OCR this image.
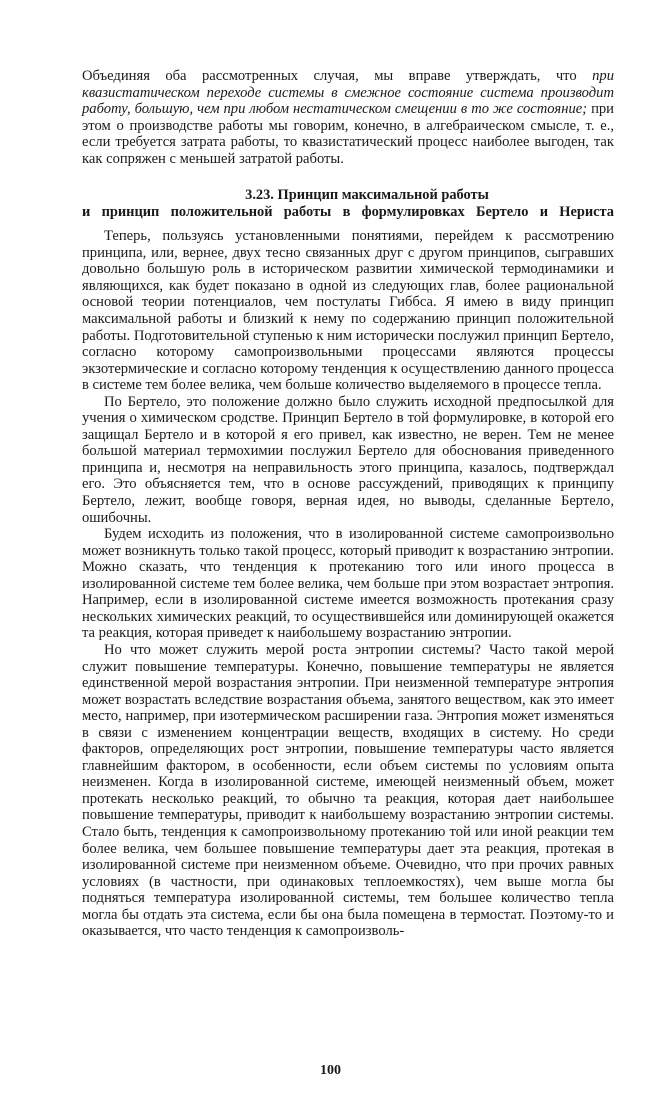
Объединяя оба рассмотренных случая, мы вправе утверждать, что при квазистатическом переходе системы в смежное состояние система производит работу, большую, чем при любом нестатическом смещении в то же состояние; при этом о производстве работы мы говорим, конечно, в алгебраическом смысле, т. е., если требуется затрата работы, то квазистатический процесс наиболее выгоден, так как сопряжен с меньшей затратой работы.

3.23. Принцип максимальной работы
и принцип положительной работы в формулировках Бертело и Нериста

Теперь, пользуясь установленными понятиями, перейдем к рассмотрению принципа, или, вернее, двух тесно связанных друг с другом принципов, сыгравших довольно большую роль в историческом развитии химической термодинамики и являющихся, как будет показано в одной из следующих глав, более рациональной основой теории потенциалов, чем постулаты Гиббса. Я имею в виду принцип максимальной работы и близкий к нему по содержанию принцип положительной работы. Подготовительной ступенью к ним исторически послужил принцип Бертело, согласно которому самопроизвольными процессами являются процессы экзотермические и согласно которому тенденция к осуществлению данного процесса в системе тем более велика, чем больше количество выделяемого в процессе тепла.

По Бертело, это положение должно было служить исходной предпосылкой для учения о химическом сродстве. Принцип Бертело в той формулировке, в которой его защищал Бертело и в которой я его привел, как известно, не верен. Тем не менее большой материал термохимии послужил Бертело для обоснования приведенного принципа и, несмотря на неправильность этого принципа, казалось, подтверждал его. Это объясняется тем, что в основе рассуждений, приводящих к принципу Бертело, лежит, вообще говоря, верная идея, но выводы, сделанные Бертело, ошибочны.

Будем исходить из положения, что в изолированной системе самопроизвольно может возникнуть только такой процесс, который приводит к возрастанию энтропии. Можно сказать, что тенденция к протеканию того или иного процесса в изолированной системе тем более велика, чем больше при этом возрастает энтропия. Например, если в изолированной системе имеется возможность протекания сразу нескольких химических реакций, то осуществившейся или доминирующей окажется та реакция, которая приведет к наибольшему возрастанию энтропии.

Но что может служить мерой роста энтропии системы? Часто такой мерой служит повышение температуры. Конечно, повышение температуры не является единственной мерой возрастания энтропии. При неизменной температуре энтропия может возрастать вследствие возрастания объема, занятого веществом, как это имеет место, например, при изотермическом расширении газа. Энтропия может изменяться в связи с изменением концентрации веществ, входящих в систему. Но среди факторов, определяющих рост энтропии, повышение температуры часто является главнейшим фактором, в особенности, если объем системы по условиям опыта неизменен. Когда в изолированной системе, имеющей неизменный объем, может протекать несколько реакций, то обычно та реакция, которая дает наибольшее повышение температуры, приводит к наибольшему возрастанию энтропии системы. Стало быть, тенденция к самопроизвольному протеканию той или иной реакции тем более велика, чем большее повышение температуры дает эта реакция, протекая в изолированной системе при неизменном объеме. Очевидно, что при прочих равных условиях (в частности, при одинаковых теплоемкостях), чем выше могла бы подняться температура изолированной системы, тем большее количество тепла могла бы отдать эта система, если бы она была помещена в термостат. Поэтому-то и оказывается, что часто тенденция к самопроизволь-

100
